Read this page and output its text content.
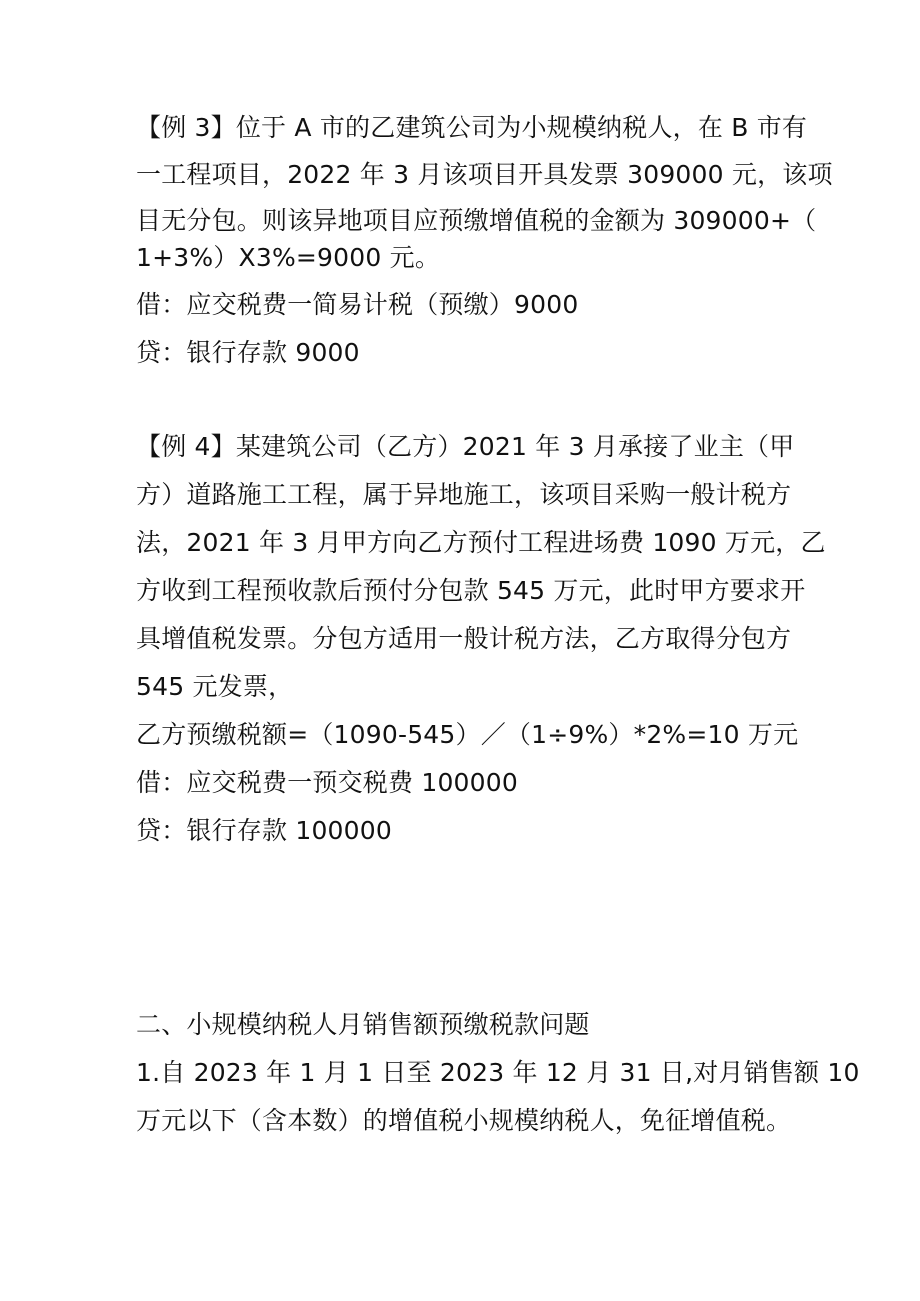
【例 3】位于 A 市的乙建筑公司为小规模纳税人，在 B 市有
一工程项目，2022 年 3 月该项目开具发票 309000 元，该项
目无分包。则该异地项目应预缴增值税的金额为 309000+（
1+3%）X3%=9000 元。
借：应交税费一简易计税（预缴）9000
贷：银行存款 9000
【例 4】某建筑公司（乙方）2021 年 3 月承接了业主（甲
方）道路施工工程，属于异地施工，该项目采购一般计税方
法，2021 年 3 月甲方向乙方预付工程进场费 1090 万元，乙
方收到工程预收款后预付分包款 545 万元，此时甲方要求开
具增值税发票。分包方适用一般计税方法，乙方取得分包方
545 元发票，
乙方预缴税额=（1090-545）／（1÷9%）*2%=10 万元
借：应交税费一预交税费 100000
贷：银行存款 100000
二、小规模纳税人月销售额预缴税款问题
1.自 2023 年 1 月 1 日至 2023 年 12 月 31 日,对月销售额 10
万元以下（含本数）的增值税小规模纳税人，免征增值税。
